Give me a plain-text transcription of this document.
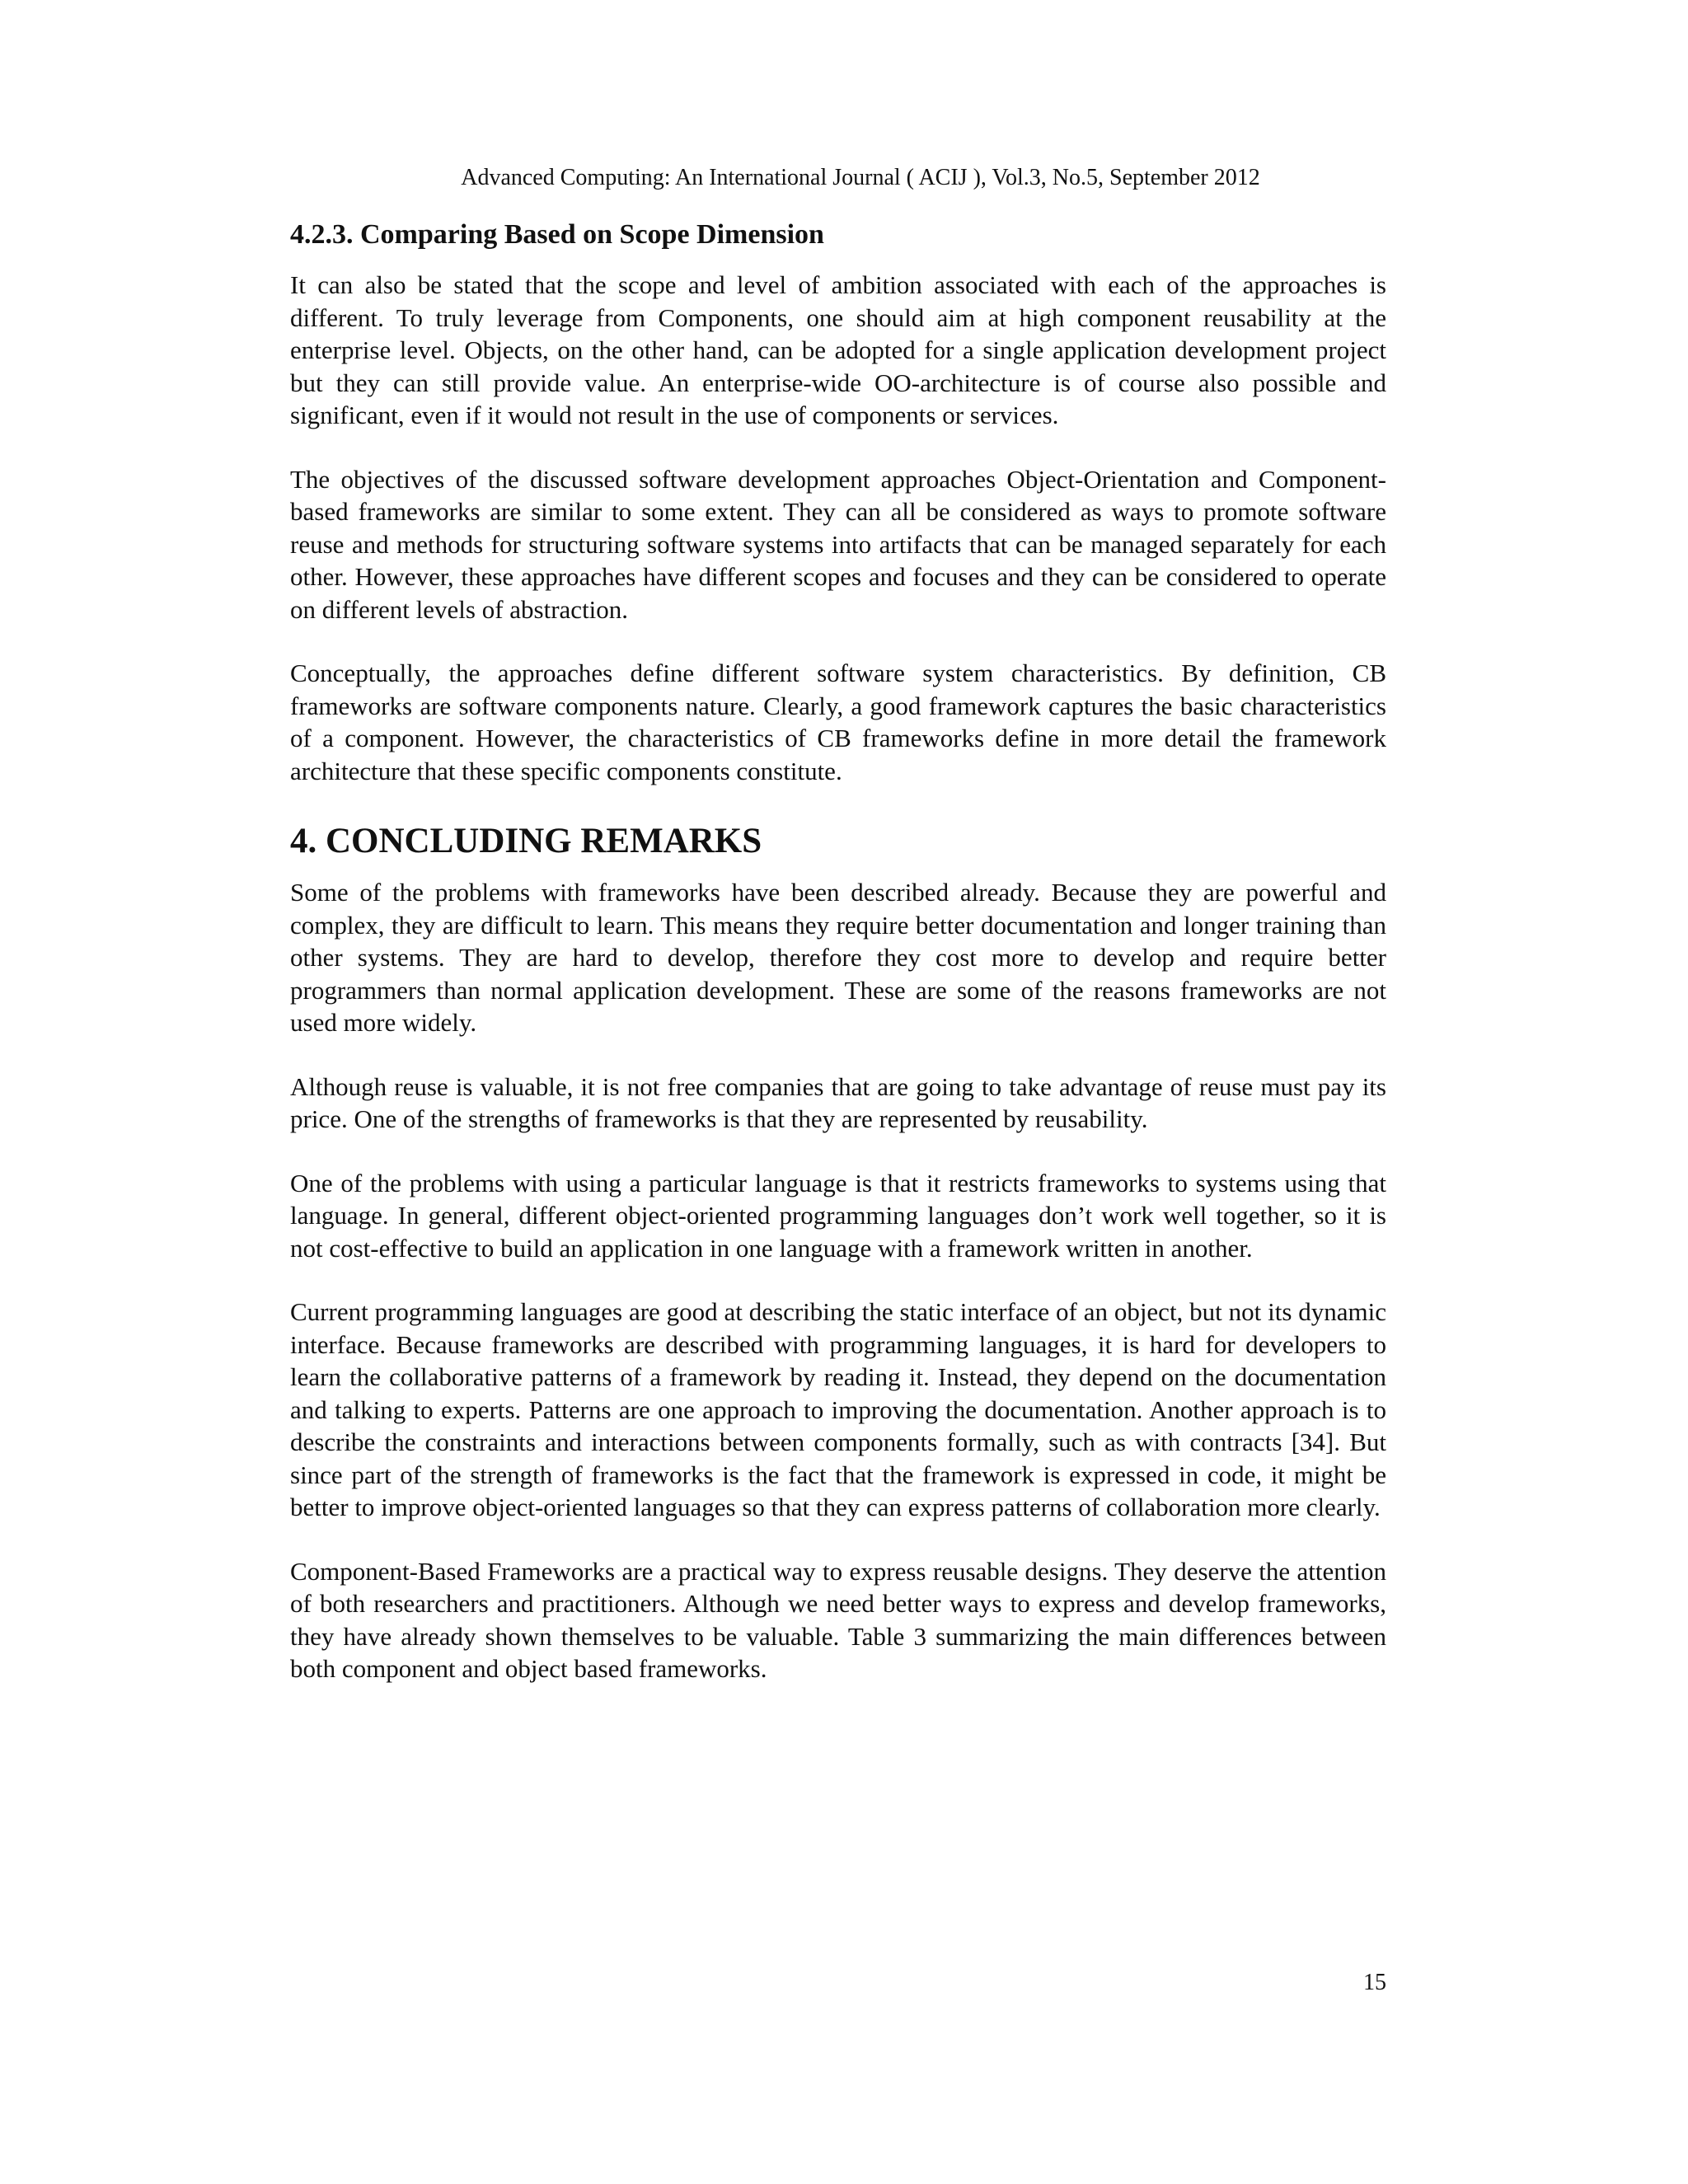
Advanced Computing: An International Journal ( ACIJ ), Vol.3, No.5, September 2012
4.2.3. Comparing Based on Scope Dimension

It can also be stated that the scope and level of ambition associated with each of the approaches is different. To truly leverage from Components, one should aim at high component reusability at the enterprise level. Objects, on the other hand, can be adopted for a single application development project but they can still provide value. An enterprise-wide OO-architecture is of course also possible and significant, even if it would not result in the use of components or services.

The objectives of the discussed software development approaches Object-Orientation and Component-based frameworks are similar to some extent. They can all be considered as ways to promote software reuse and methods for structuring software systems into artifacts that can be managed separately for each other. However, these approaches have different scopes and focuses and they can be considered to operate on different levels of abstraction.

Conceptually, the approaches define different software system characteristics. By definition, CB frameworks are software components nature. Clearly, a good framework captures the basic characteristics of a component. However, the characteristics of CB frameworks define in more detail the framework architecture that these specific components constitute.

4. CONCLUDING REMARKS

Some of the problems with frameworks have been described already. Because they are powerful and complex, they are difficult to learn. This means they require better documentation and longer training than other systems. They are hard to develop, therefore they cost more to develop and require better programmers than normal application development. These are some of the reasons frameworks are not used more widely.

Although reuse is valuable, it is not free companies that are going to take advantage of reuse must pay its price. One of the strengths of frameworks is that they are represented by reusability.

One of the problems with using a particular language is that it restricts frameworks to systems using that language. In general, different object-oriented programming languages don’t work well together, so it is not cost-effective to build an application in one language with a framework written in another.

Current programming languages are good at describing the static interface of an object, but not its dynamic interface. Because frameworks are described with programming languages, it is hard for developers to learn the collaborative patterns of a framework by reading it. Instead, they depend on the documentation and talking to experts. Patterns are one approach to improving the documentation. Another approach is to describe the constraints and interactions between components formally, such as with contracts [34]. But since part of the strength of frameworks is the fact that the framework is expressed in code, it might be better to improve object-oriented languages so that they can express patterns of collaboration more clearly.

Component-Based Frameworks are a practical way to express reusable designs. They deserve the attention of both researchers and practitioners. Although we need better ways to express and develop frameworks, they have already shown themselves to be valuable. Table 3 summarizing the main differences between both component and object based frameworks.

15
